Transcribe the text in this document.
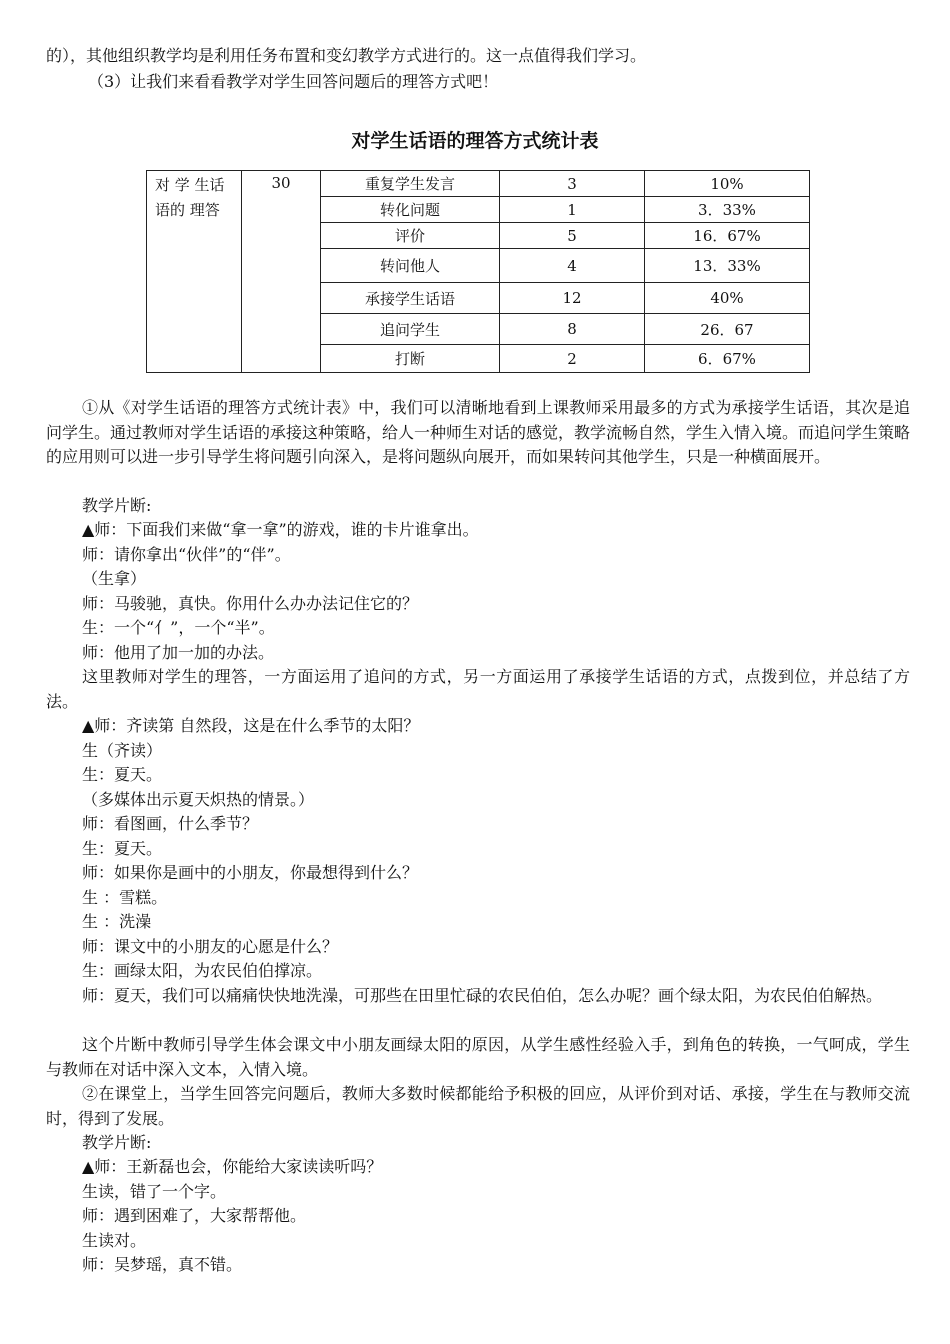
的），其他组织教学均是利用任务布置和变幻教学方式进行的。这一点值得我们学习。
（3）让我们来看看教学对学生回答问题后的理答方式吧！
对学生话语的理答方式统计表
对 学 生话语的 理答	30	重复学生发言	3	10%
		转化问题	1	3．33%
		评价	5	16．67%
		转问他人	4	13．33%
		承接学生话语	12	40%
		追问学生	8	26．67
		打断	2	6．67%
①从《对学生话语的理答方式统计表》中，我们可以清晰地看到上课教师采用最多的方式为承接学生话语，其次是追问学生。通过教师对学生话语的承接这种策略，给人一种师生对话的感觉，教学流畅自然，学生入情入境。而追问学生策略的应用则可以进一步引导学生将问题引向深入，是将问题纵向展开，而如果转问其他学生，只是一种横面展开。
教学片断:
▲师：下面我们来做“拿一拿”的游戏，谁的卡片谁拿出。
师：请你拿出“伙伴”的“伴”。
（生拿）
师：马骏驰，真快。你用什么办办法记住它的？
生：一个“亻”，一个“半”。
师：他用了加一加的办法。
这里教师对学生的理答，一方面运用了追问的方式，另一方面运用了承接学生话语的方式，点拨到位，并总结了方法。
▲师：齐读第 自然段，这是在什么季节的太阳？
生（齐读）
生：夏天。
（多媒体出示夏天炽热的情景。）
师：看图画，什么季节？
生：夏天。
师：如果你是画中的小朋友，你最想得到什么？
生 ：雪糕。
生 ：洗澡
师：课文中的小朋友的心愿是什么？
生：画绿太阳，为农民伯伯撑凉。
师：夏天，我们可以痛痛快快地洗澡，可那些在田里忙碌的农民伯伯，怎么办呢？画个绿太阳，为农民伯伯解热。
这个片断中教师引导学生体会课文中小朋友画绿太阳的原因，从学生感性经验入手，到角色的转换，一气呵成，学生与教师在对话中深入文本，入情入境。
②在课堂上，当学生回答完问题后，教师大多数时候都能给予积极的回应，从评价到对话、承接，学生在与教师交流时，得到了发展。
教学片断:
▲师：王新磊也会，你能给大家读读听吗？
生读，错了一个字。
师：遇到困难了，大家帮帮他。
生读对。
师：吴梦瑶，真不错。
